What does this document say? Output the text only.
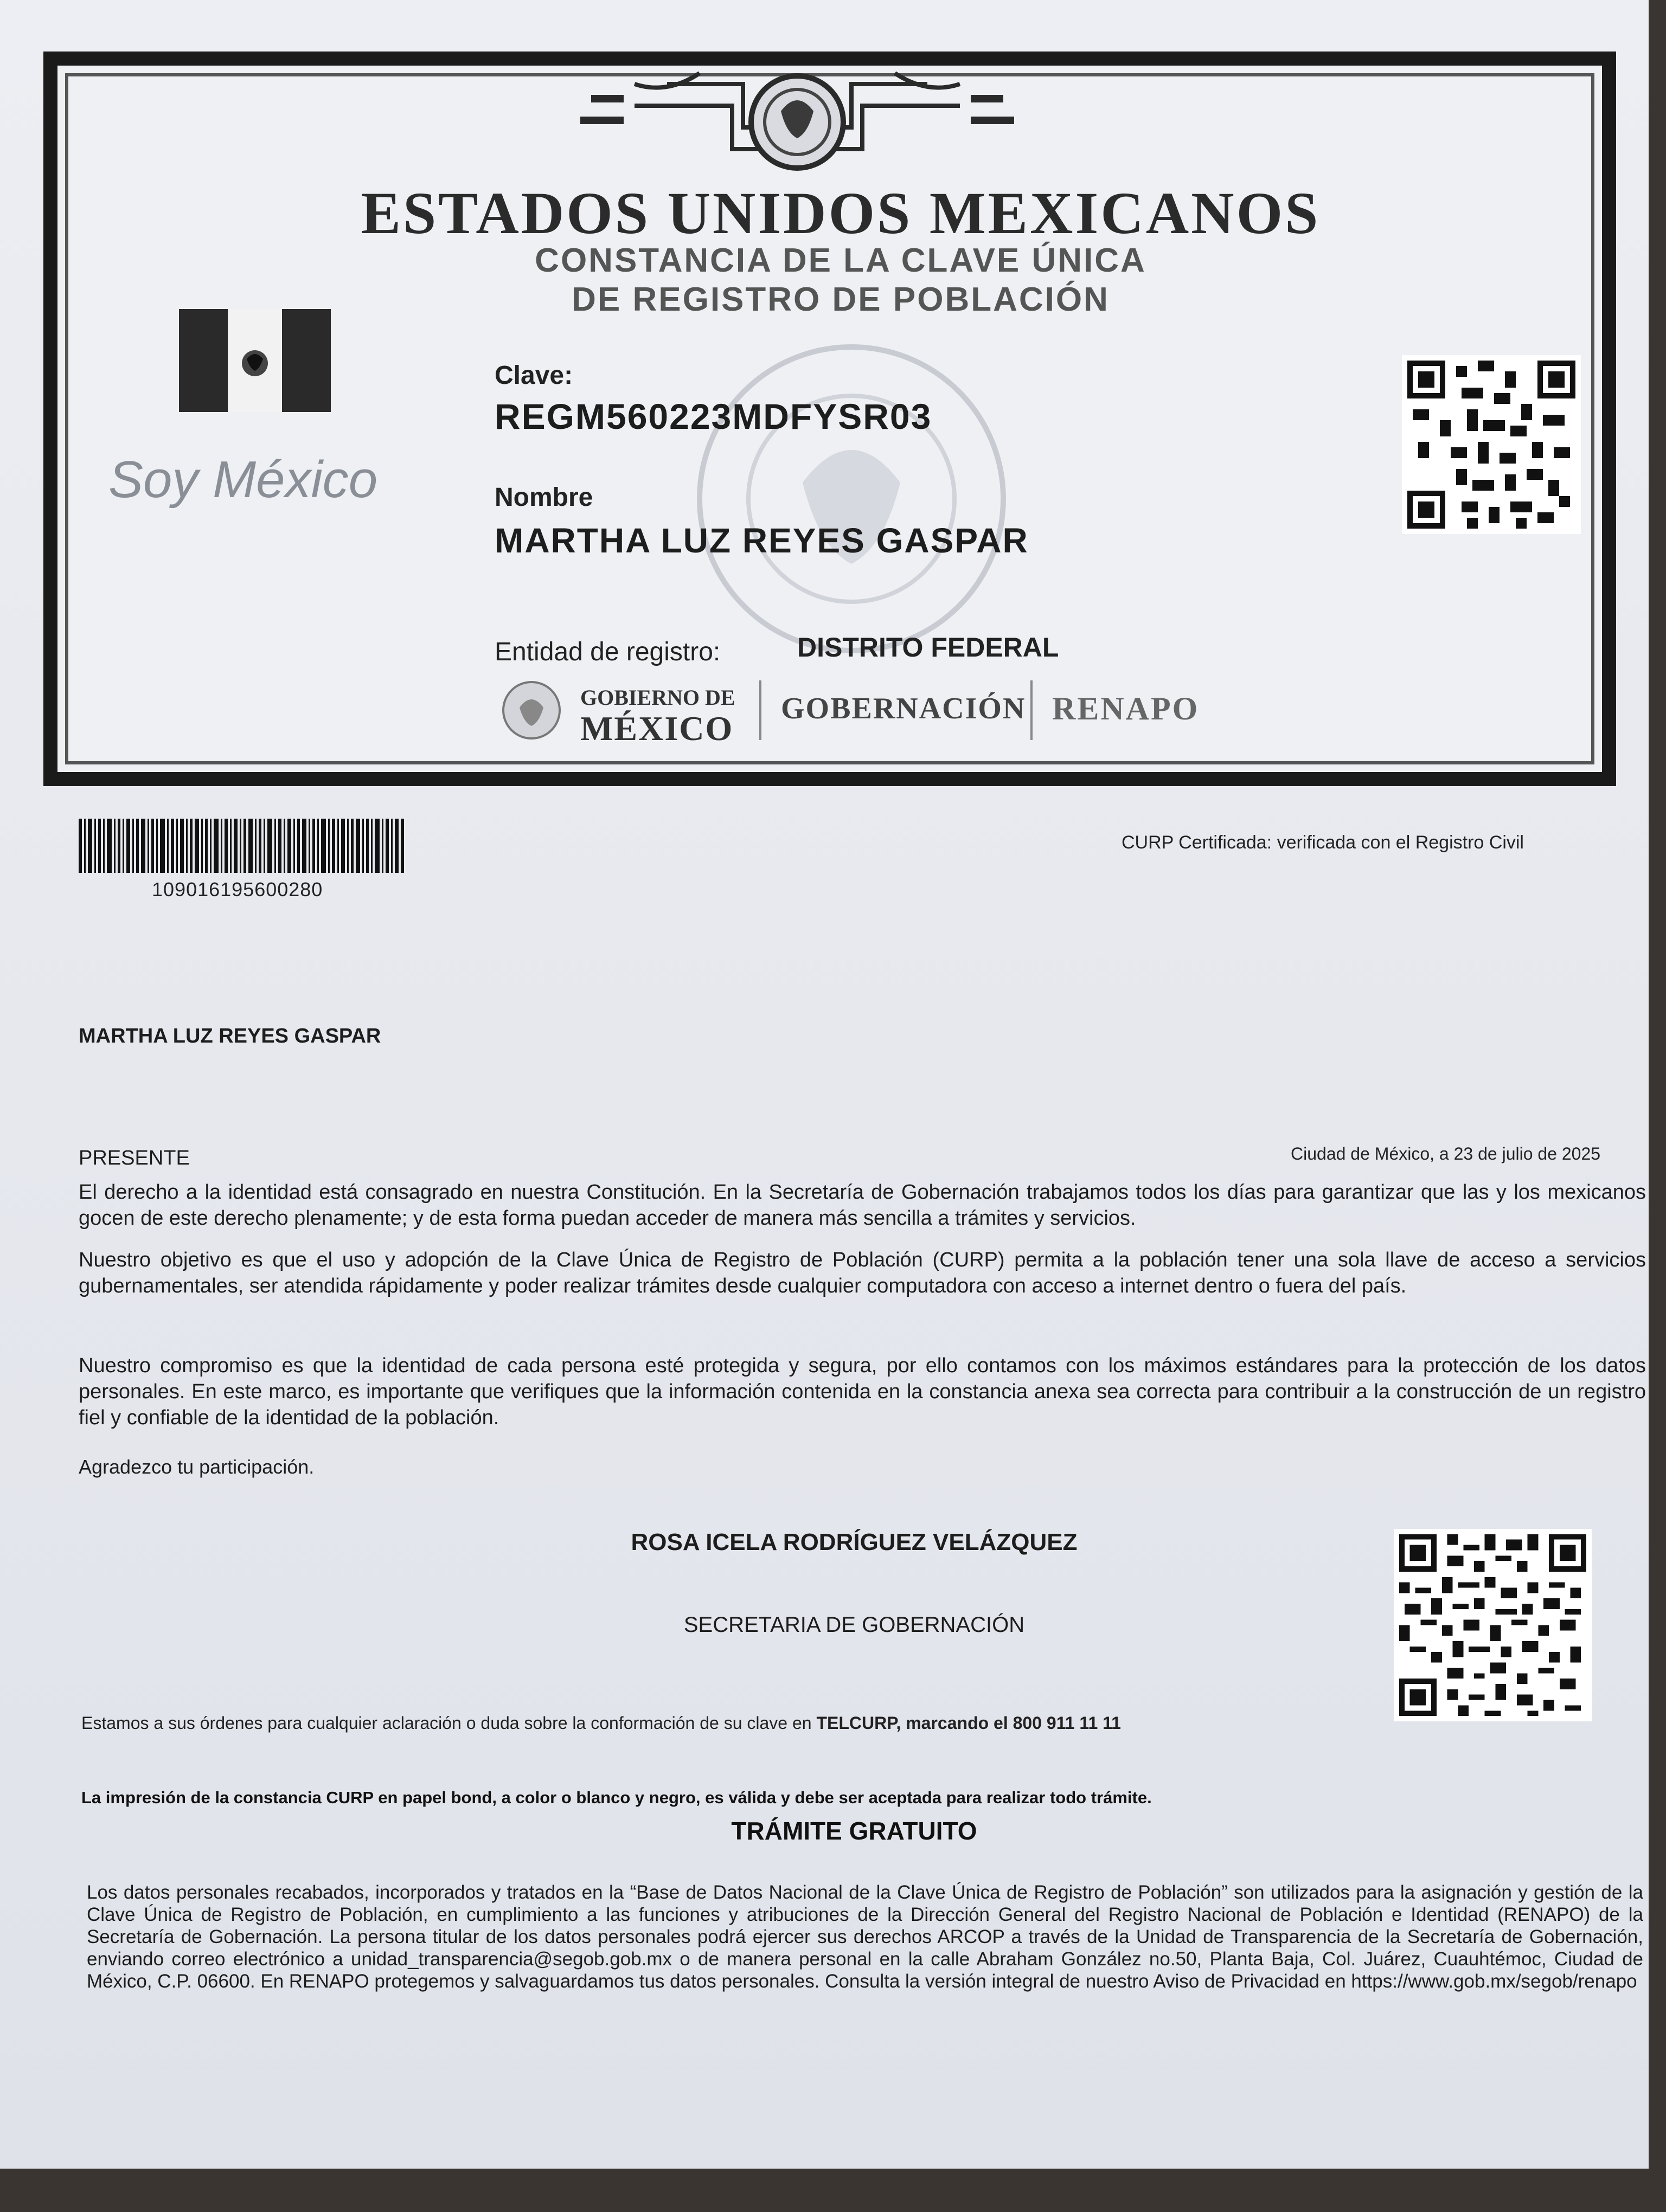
ESTADOS UNIDOS MEXICANOS
CONSTANCIA DE LA CLAVE ÚNICA
DE REGISTRO DE POBLACIÓN
Soy México
Clave:
REGM560223MDFYSR03
Nombre
MARTHA LUZ REYES GASPAR
Entidad de registro:	DISTRITO FEDERAL
GOBIERNO DE
MÉXICO
GOBERNACIÓN RENAPO
109016195600280
CURP Certificada: verificada con el Registro Civil
MARTHA LUZ REYES GASPAR
PRESENTE	Ciudad de México, a 23 de julio de 2025
El derecho a la identidad está consagrado en nuestra Constitución. En la Secretaría de Gobernación trabajamos todos los días para garantizar que las y los mexicanos gocen de este derecho plenamente; y de esta forma puedan acceder de manera más sencilla a trámites y servicios.
Nuestro objetivo es que el uso y adopción de la Clave Única de Registro de Población (CURP) permita a la población tener una sola llave de acceso a servicios gubernamentales, ser atendida rápidamente y poder realizar trámites desde cualquier computadora con acceso a internet dentro o fuera del país.
Nuestro compromiso es que la identidad de cada persona esté protegida y segura, por ello contamos con los máximos estándares para la protección de los datos personales. En este marco, es importante que verifiques que la información contenida en la constancia anexa sea correcta para contribuir a la construcción de un registro fiel y confiable de la identidad de la población.
Agradezco tu participación.
ROSA ICELA RODRÍGUEZ VELÁZQUEZ
SECRETARIA DE GOBERNACIÓN
Estamos a sus órdenes para cualquier aclaración o duda sobre la conformación de su clave en TELCURP, marcando el 800 911 11 11
La impresión de la constancia CURP en papel bond, a color o blanco y negro, es válida y debe ser aceptada para realizar todo trámite.
TRÁMITE GRATUITO
Los datos personales recabados, incorporados y tratados en la “Base de Datos Nacional de la Clave Única de Registro de Población” son utilizados para la asignación y gestión de la Clave Única de Registro de Población, en cumplimiento a las funciones y atribuciones de la Dirección General del Registro Nacional de Población e Identidad (RENAPO) de la Secretaría de Gobernación. La persona titular de los datos personales podrá ejercer sus derechos ARCOP a través de la Unidad de Transparencia de la Secretaría de Gobernación, enviando correo electrónico a unidad_transparencia@segob.gob.mx o de manera personal en la calle Abraham González no.50, Planta Baja, Col. Juárez, Cuauhtémoc, Ciudad de México, C.P. 06600. En RENAPO protegemos y salvaguardamos tus datos personales. Consulta la versión integral de nuestro Aviso de Privacidad en https://www.gob.mx/segob/renapo
